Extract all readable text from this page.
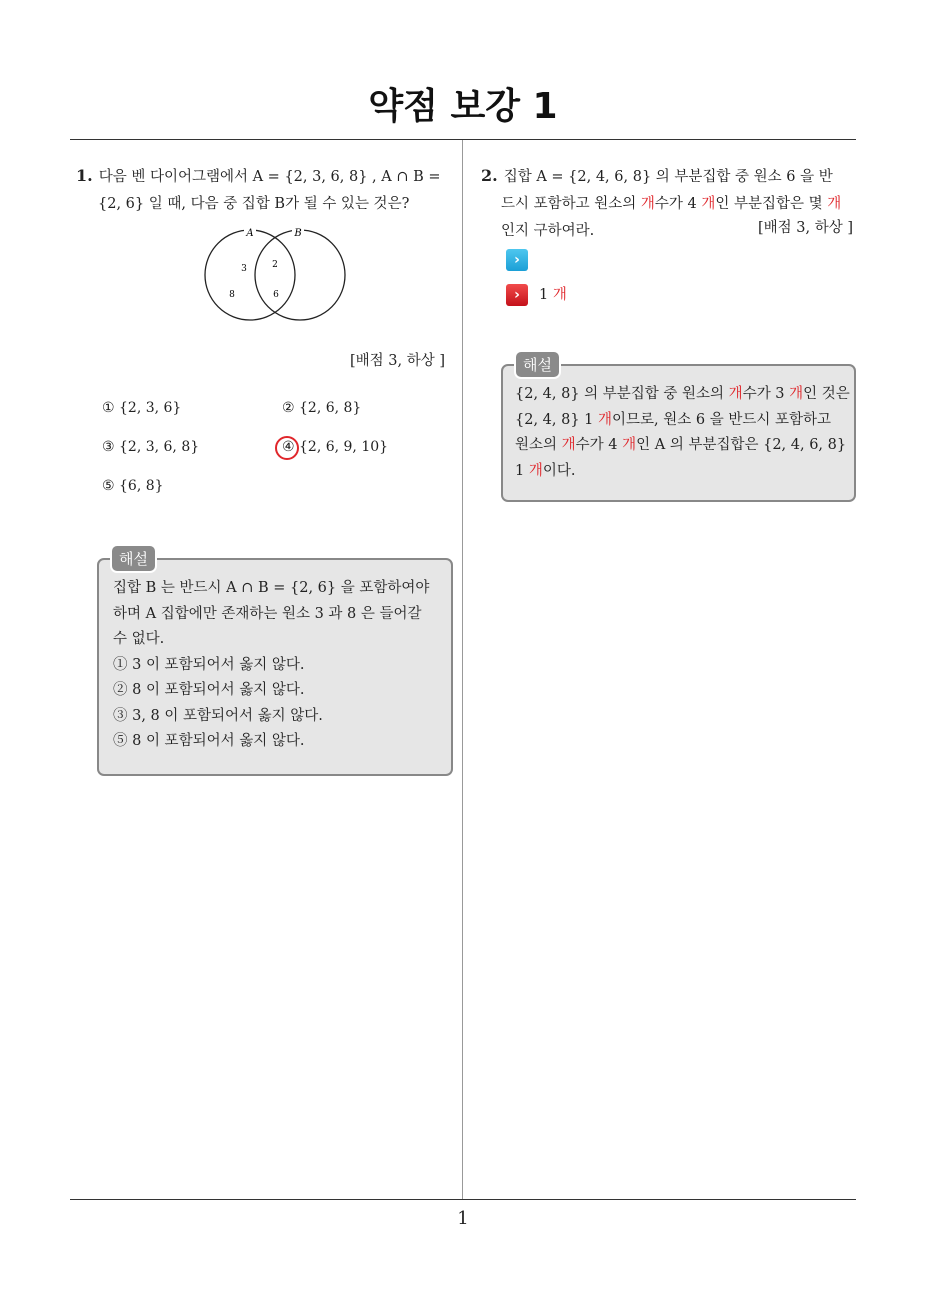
약점 보강 1
1. 다음 벤 다이어그램에서 A = {2, 3, 6, 8} , A ∩ B =
{2, 6} 일 때, 다음 중 집합 B가 될 수 있는 것은?
A	B
3	2
8	6
[배점 3, 하상 ]
① {2, 3, 6}	② {2, 6, 8}
③ {2, 3, 6, 8}	④ {2, 6, 9, 10}
⑤ {6, 8}
집합 B 는 반드시 A ∩ B = {2, 6} 을 포함하여야
하며 A 집합에만 존재하는 원소 3 과 8 은 들어갈
수 없다.
① 3 이 포함되어서 옳지 않다.
② 8 이 포함되어서 옳지 않다.
③ 3, 8 이 포함되어서 옳지 않다.
⑤ 8 이 포함되어서 옳지 않다.
해설
2. 집합 A = {2, 4, 6, 8} 의 부분집합 중 원소 6 을 반
드시 포함하고 원소의 개수가 4 개인 부분집합은 몇 개
인지 구하여라.	[배점 3, 하상 ]
›
›	1 개
{2, 4, 8} 의 부분집합 중 원소의 개수가 3 개인 것은
{2, 4, 8} 1 개이므로, 원소 6 을 반드시 포함하고
원소의 개수가 4 개인 A 의 부분집합은 {2, 4, 6, 8}
1 개이다.
해설
1
